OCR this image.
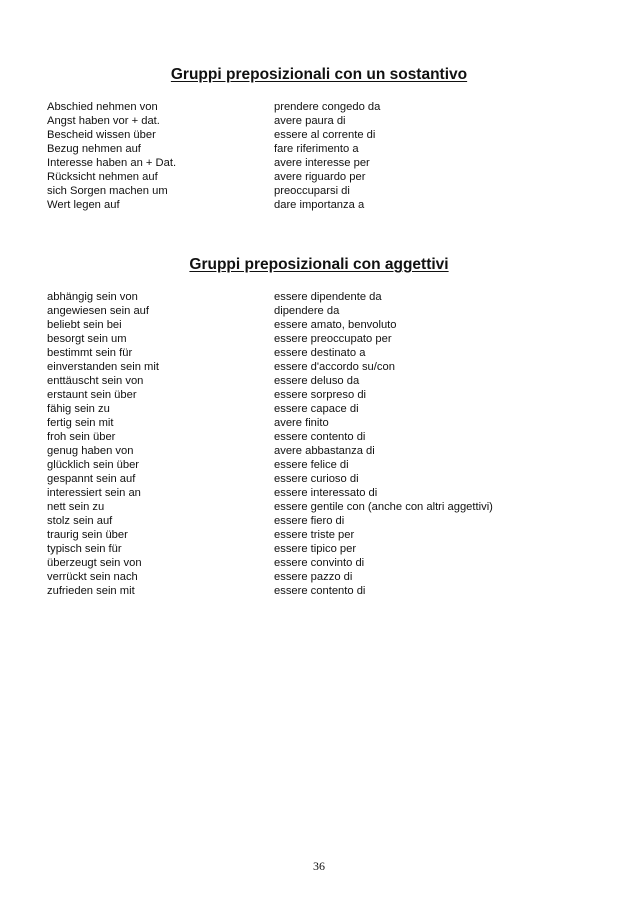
Gruppi preposizionali con un sostantivo
Abschied nehmen von	prendere congedo da
Angst haben vor + dat.	avere paura di
Bescheid wissen über	essere al corrente di
Bezug nehmen auf	fare riferimento a
Interesse haben an + Dat.	avere interesse per
Rücksicht nehmen auf	avere riguardo per
sich Sorgen machen um	preoccuparsi di
Wert legen auf	dare importanza a
Gruppi preposizionali con aggettivi
abhängig sein von	essere dipendente da
angewiesen sein auf	dipendere da
beliebt sein bei	essere amato, benvoluto
besorgt sein um	essere preoccupato per
bestimmt sein für	essere destinato a
einverstanden sein mit	essere d'accordo su/con
enttäuscht sein von	essere deluso da
erstaunt sein über	essere sorpreso di
fähig sein zu	essere capace di
fertig sein mit	avere finito
froh sein über	essere contento di
genug haben von	avere abbastanza di
glücklich sein über	essere felice di
gespannt sein auf	essere curioso di
interessiert sein an	essere interessato di
nett sein zu	essere gentile con (anche con altri aggettivi)
stolz sein auf	essere fiero di
traurig sein über	essere triste per
typisch sein für	essere tipico per
überzeugt sein von	essere convinto di
verrückt sein nach	essere pazzo di
zufrieden sein mit	essere contento di
36
